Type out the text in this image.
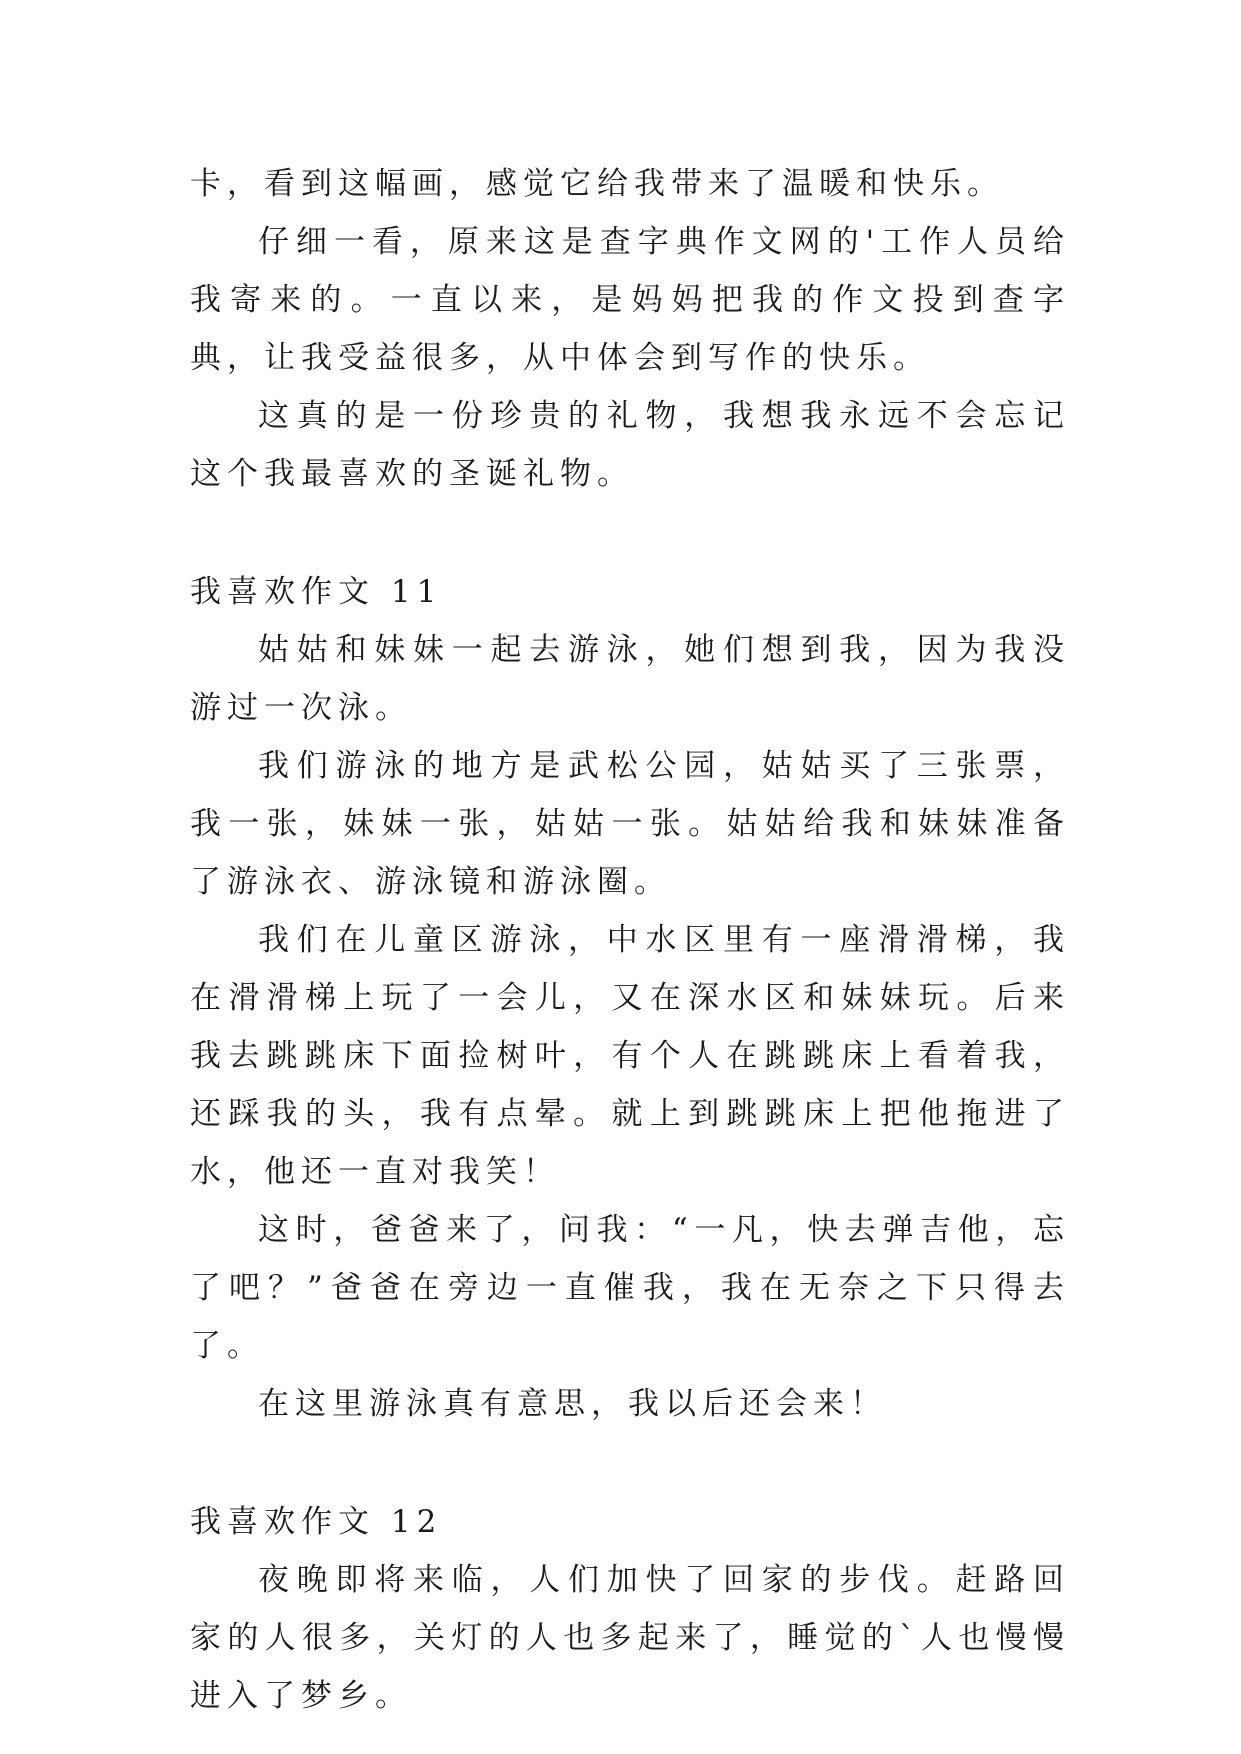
卡，看到这幅画，感觉它给我带来了温暖和快乐。

仔细一看，原来这是查字典作文网的'工作人员给我寄来的。一直以来，是妈妈把我的作文投到查字典，让我受益很多，从中体会到写作的快乐。

这真的是一份珍贵的礼物，我想我永远不会忘记这个我最喜欢的圣诞礼物。

我喜欢作文 11

姑姑和妹妹一起去游泳，她们想到我，因为我没游过一次泳。

我们游泳的地方是武松公园，姑姑买了三张票，我一张，妹妹一张，姑姑一张。姑姑给我和妹妹准备了游泳衣、游泳镜和游泳圈。

我们在儿童区游泳，中水区里有一座滑滑梯，我在滑滑梯上玩了一会儿，又在深水区和妹妹玩。后来我去跳跳床下面捡树叶，有个人在跳跳床上看着我，还踩我的头，我有点晕。就上到跳跳床上把他拖进了水，他还一直对我笑！

这时，爸爸来了，问我：“一凡，快去弹吉他，忘了吧？”爸爸在旁边一直催我，我在无奈之下只得去了。

在这里游泳真有意思，我以后还会来！

我喜欢作文 12

夜晚即将来临，人们加快了回家的步伐。赶路回家的人很多，关灯的人也多起来了，睡觉的`人也慢慢进入了梦乡。
